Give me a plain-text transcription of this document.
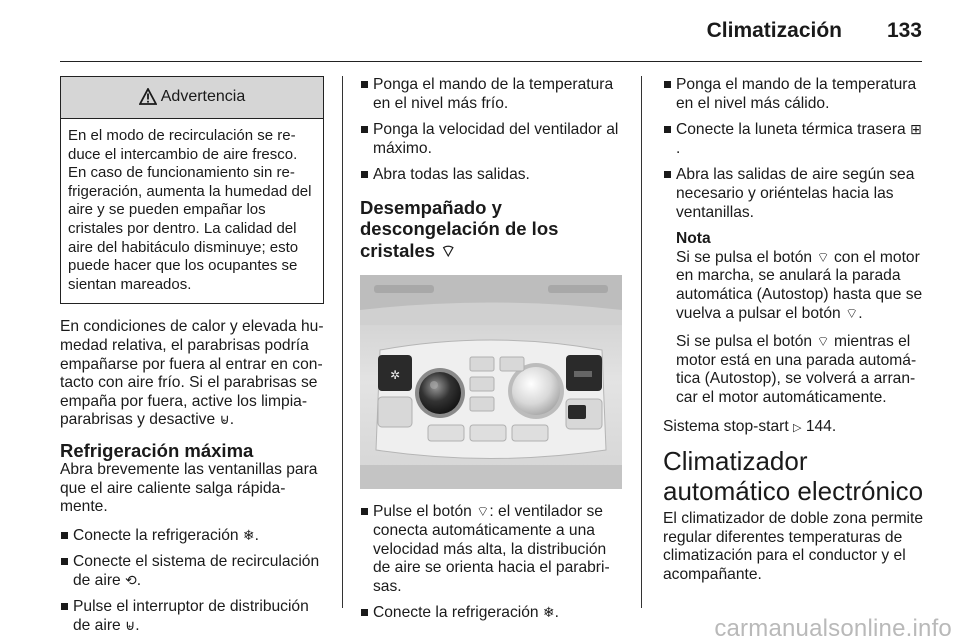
Climatización 133
Advertencia
En el modo de recirculación se reduce el intercambio de aire fresco. En caso de funcionamiento sin refrigeración, aumenta la humedad del aire y se pueden empañar los cristales por dentro. La calidad del aire del habitáculo disminuye; esto puede hacer que los ocupantes se sientan mareados.

En condiciones de calor y elevada humedad relativa, el parabrisas podría empañarse por fuera al entrar en contacto con aire frío. Si el parabrisas se empaña por fuera, active los limpiaparabrisas y desactive ⊌.

Refrigeración máxima

Abra brevemente las ventanillas para que el aire caliente salga rápidamente.

Conecte la refrigeración ❄.
Conecte el sistema de recirculación de aire ⟲.
Pulse el interruptor de distribución de aire ⊌.
Ponga el mando de la temperatura en el nivel más frío.
Ponga la velocidad del ventilador al máximo.
Abra todas las salidas.
Desempañado y descongelación de los cristales ⌔
✲
Pulse el botón ⌔: el ventilador se conecta automáticamente a una velocidad más alta, la distribución de aire se orienta hacia el parabrisas.
Conecte la refrigeración ❄.
Ponga el mando de la temperatura en el nivel más cálido.
Conecte la luneta térmica trasera ⊞.
Abra las salidas de aire según sea necesario y oriéntelas hacia las ventanillas.
Nota

Si se pulsa el botón ⌔ con el motor en marcha, se anulará la parada automática (Autostop) hasta que se vuelva a pulsar el botón ⌔.

Si se pulsa el botón ⌔ mientras el motor está en una parada automática (Autostop), se volverá a arrancar el motor automáticamente.

Sistema stop-start ▷ 144.

Climatizador automático electrónico

El climatizador de doble zona permite regular diferentes temperaturas de climatización para el conductor y el acompañante.

carmanualsonline.info
